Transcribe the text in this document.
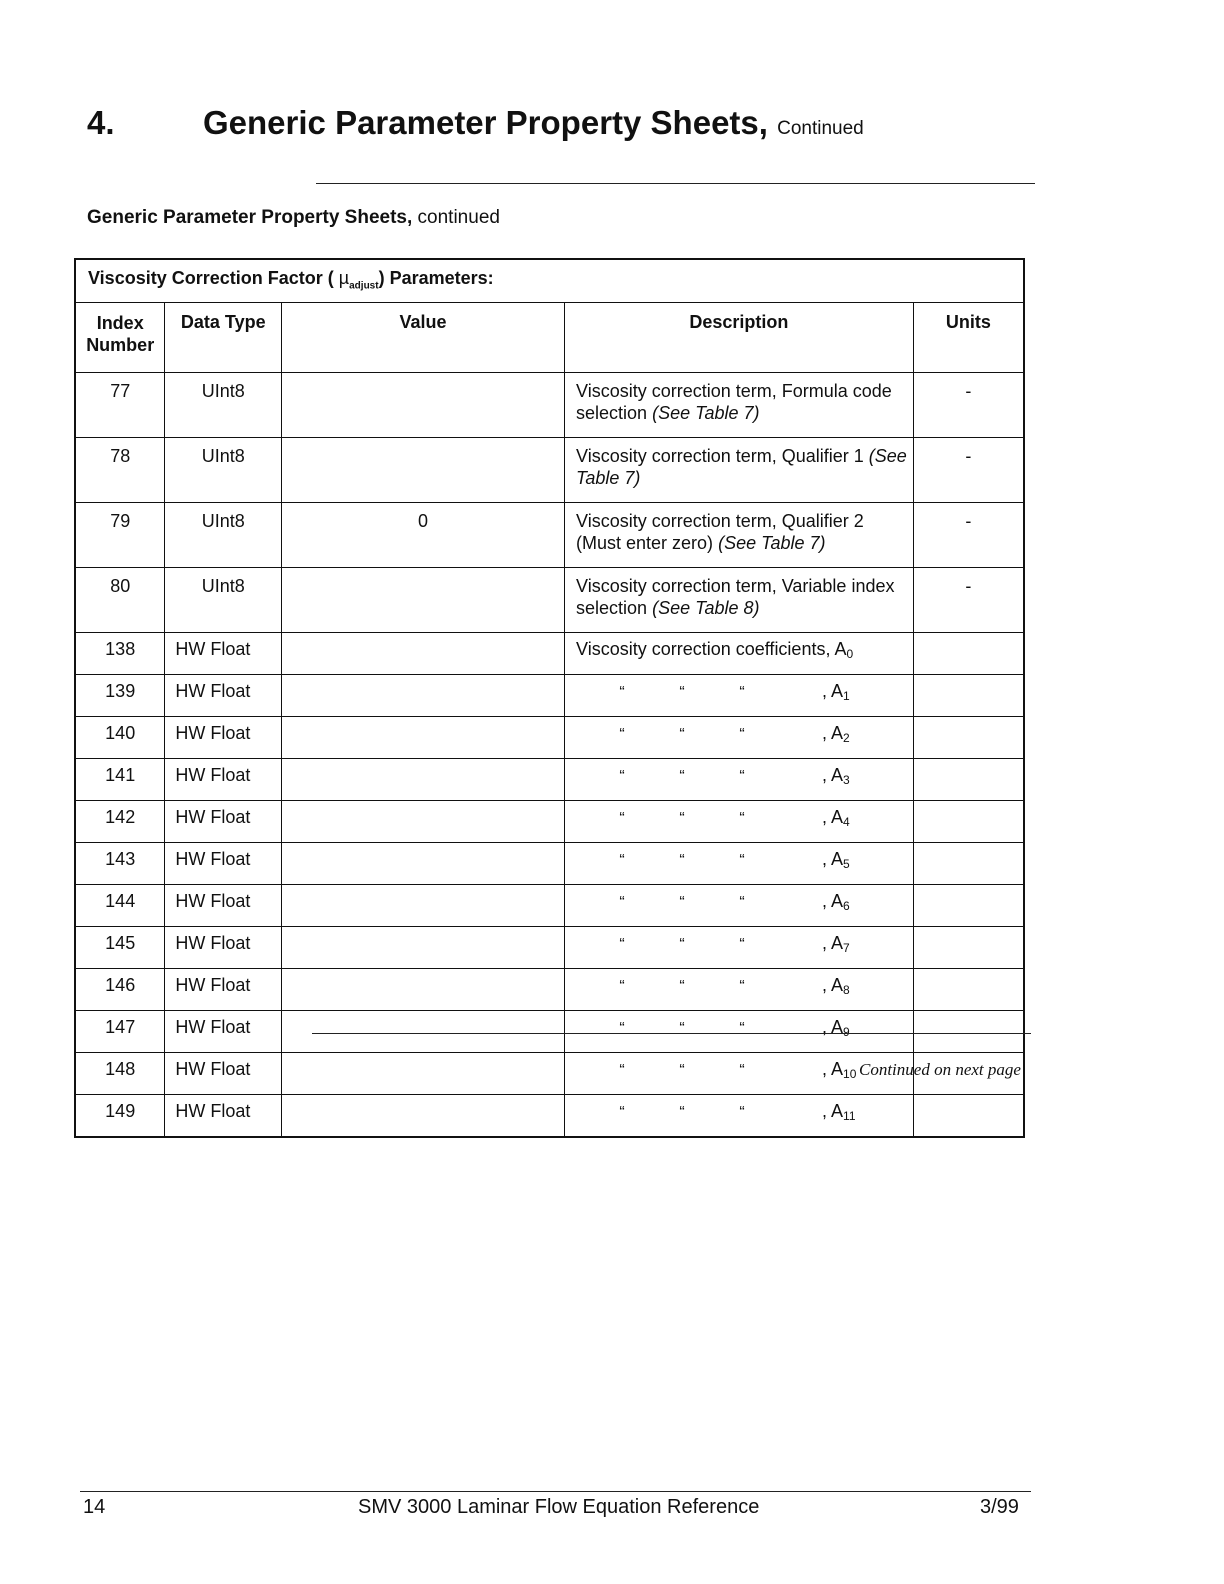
4.	Generic Parameter Property Sheets, Continued
Generic Parameter Property Sheets, continued
Viscosity Correction Factor ( µ$_{adjust}$) Parameters:				
Index Number	Data Type	Value	Description	Units
77	UInt8		Viscosity correction term, Formula code selection (See Table 7)	-
78	UInt8		Viscosity correction term, Qualifier 1 (See Table 7)	-
79	UInt8	0	Viscosity correction term, Qualifier 2 (Must enter zero) (See Table 7)	-
80	UInt8		Viscosity correction term, Variable index selection (See Table 8)	-
138	HW Float		Viscosity correction coefficients, A0	
139	HW Float		“ “ “ , A1	

140	HW Float		“ “ “ , A2	

141	HW Float		“ “ “ , A3	

142	HW Float		“ “ “ , A4	

143	HW Float		“ “ “ , A5	

144	HW Float		“ “ “ , A6	

145	HW Float		“ “ “ , A7	

146	HW Float		“ “ “ , A8	

147	HW Float		“ “ “ , A9	

148	HW Float		“ “ “ , A10	

149	HW Float		“ “ “ , A11	

Continued on next page
14	SMV 3000 Laminar Flow Equation Reference	3/99
